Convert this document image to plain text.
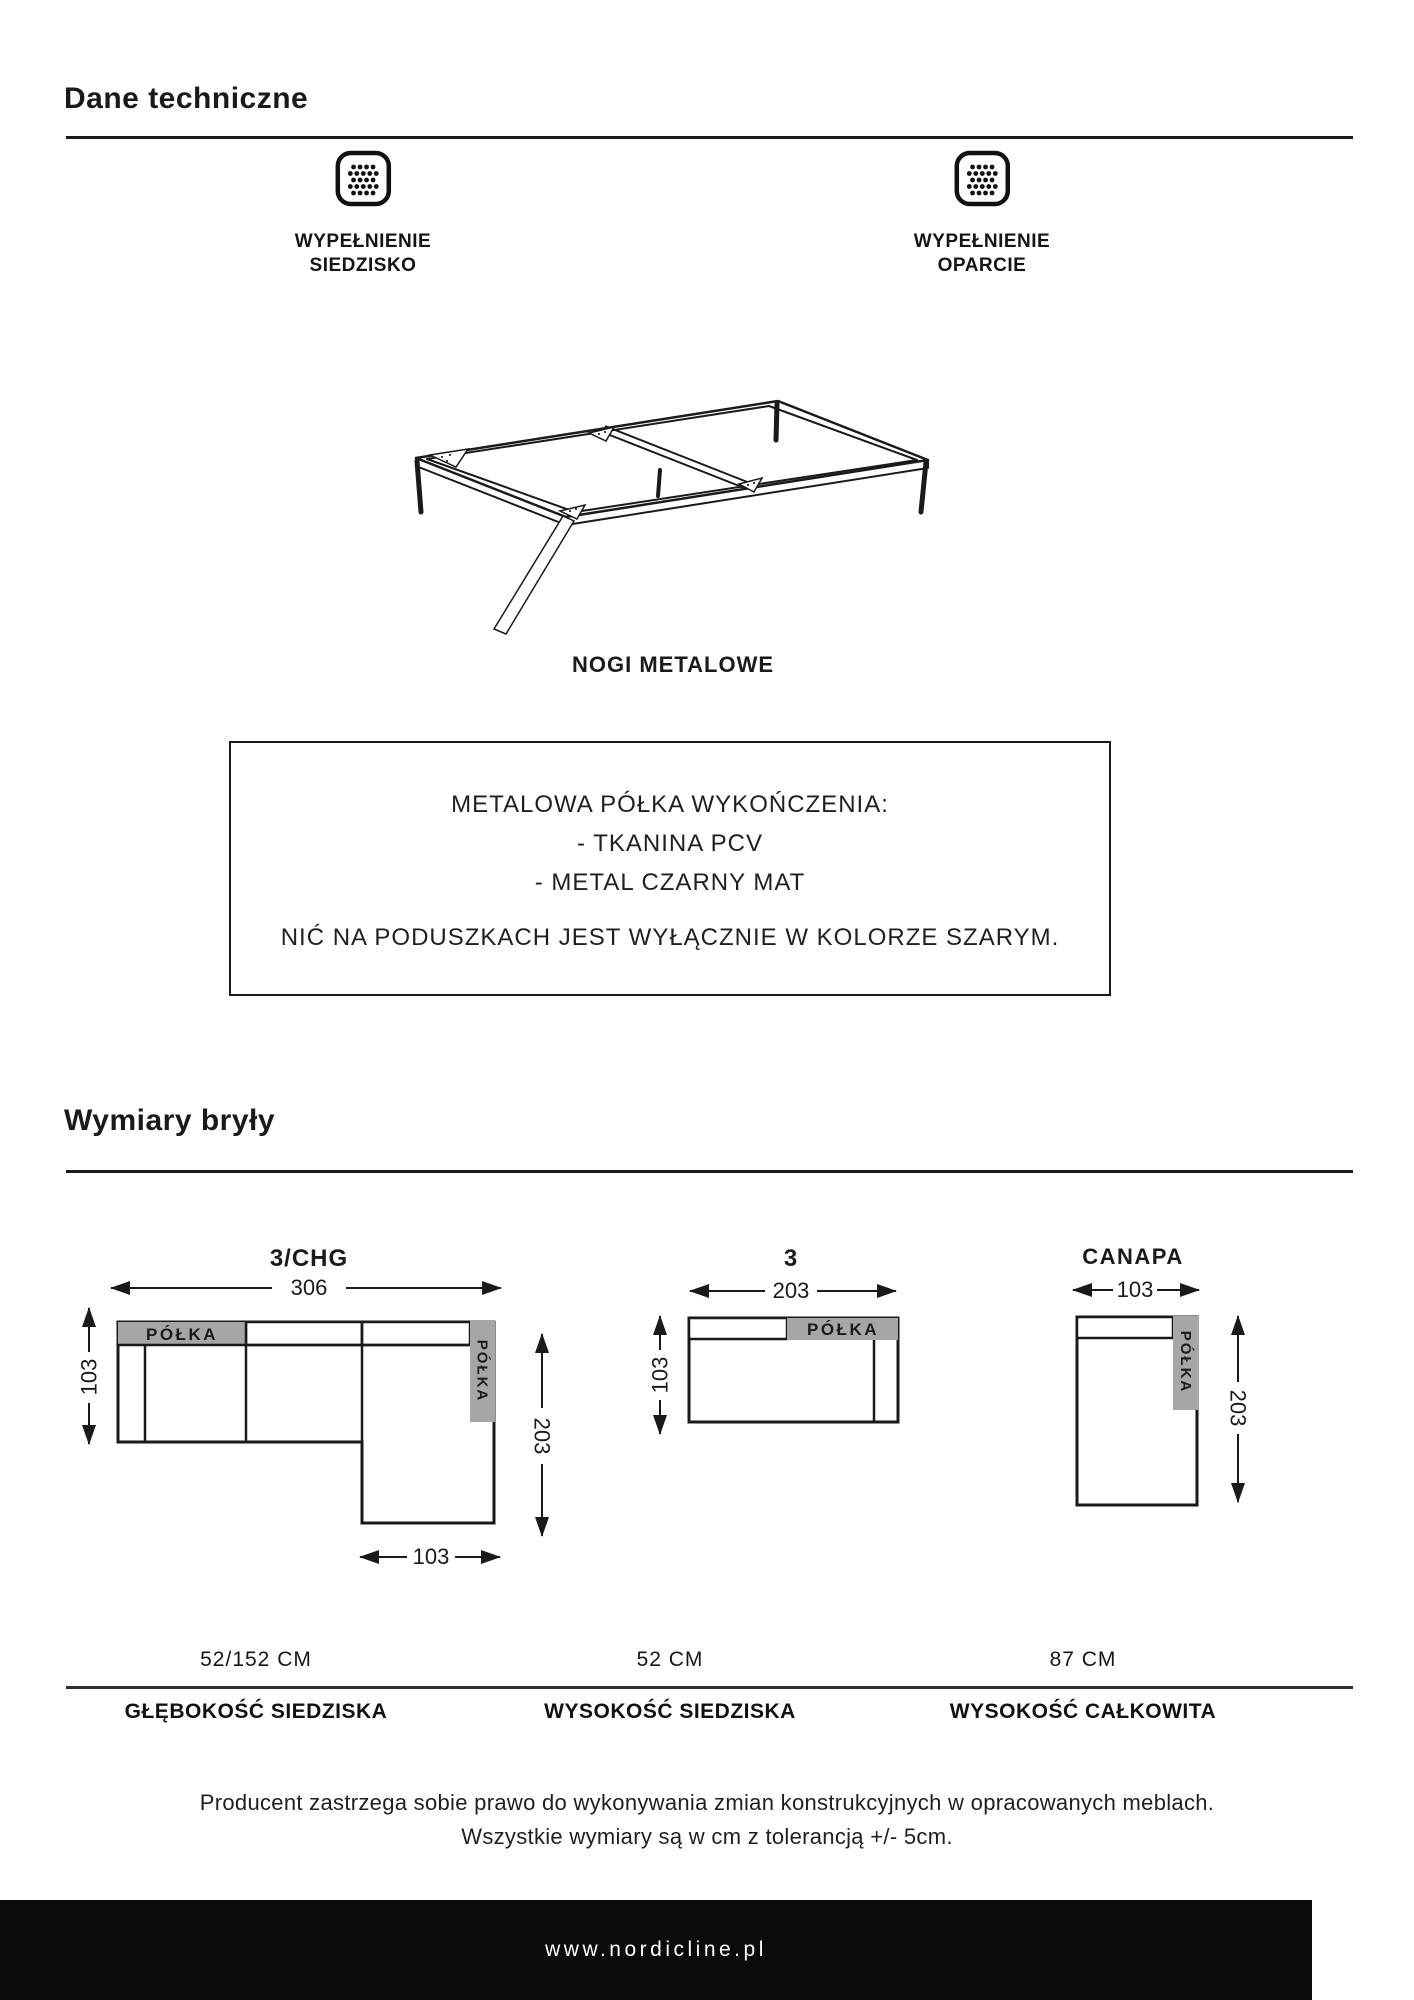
Dane techniczne
WYPEŁNIENIE
SIEDZISKO
WYPEŁNIENIE
OPARCIE
NOGI METALOWE
METALOWA PÓŁKA WYKOŃCZENIA:
- TKANINA PCV
- METAL CZARNY MAT
NIĆ NA PODUSZKACH JEST WYŁĄCZNIE W KOLORZE SZARYM.
Wymiary bryły
3/CHG
306
103
PÓŁKA
PÓŁKA
203
103
3
203
103
PÓŁKA
CANAPA
103
PÓŁKA
203
52/152 CM	52 CM	87 CM
GŁĘBOKOŚĆ SIEDZISKA	WYSOKOŚĆ SIEDZISKA	WYSOKOŚĆ CAŁKOWITA
Producent zastrzega sobie prawo do wykonywania zmian konstrukcyjnych w opracowanych meblach.
Wszystkie wymiary są w cm z tolerancją +/- 5cm.
www.nordicline.pl
